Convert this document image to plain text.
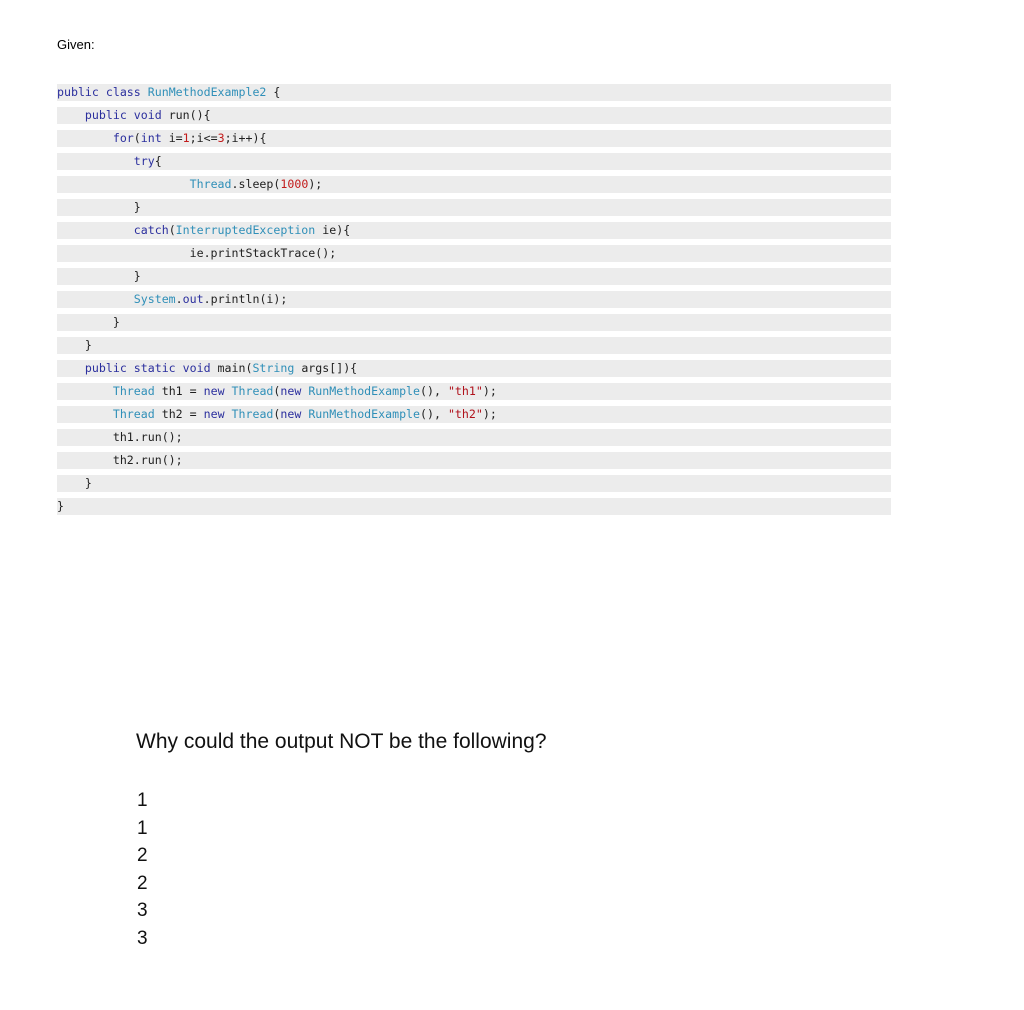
Given:
public class RunMethodExample2 {
public void run(){
for(int i=1;i<=3;i++){
try{
Thread.sleep(1000);
}
catch(InterruptedException ie){
ie.printStackTrace();
}
System.out.println(i);
}
}
public static void main(String args[]){
Thread th1 = new Thread(new RunMethodExample(), "th1");
Thread th2 = new Thread(new RunMethodExample(), "th2");
th1.run();
th2.run();
}
}
Why could the output NOT be the following?
1
1
2
2
3
3
